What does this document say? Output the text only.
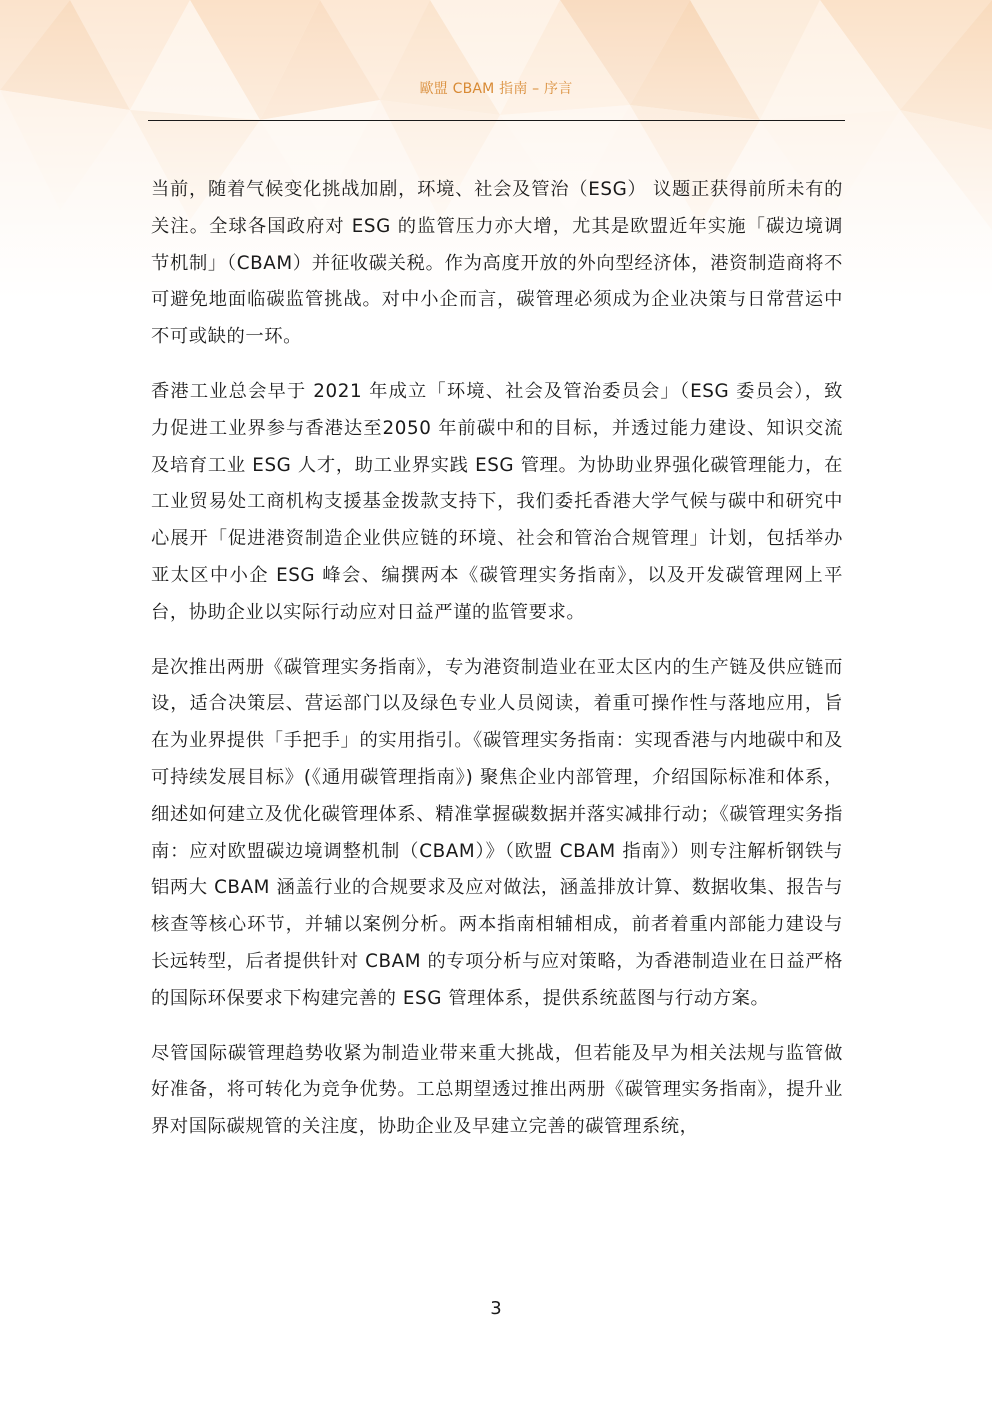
歐盟 CBAM 指南 – 序言

当前，随着气候变化挑战加剧，环境、社会及管治（ESG） 议题正获得前所未有的关注。全球各国政府对 ESG 的监管压力亦大增，尤其是欧盟近年实施「碳边境调节机制」（CBAM）并征收碳关税。作为高度开放的外向型经济体，港资制造商将不可避免地面临碳监管挑战。对中小企而言，碳管理必须成为企业决策与日常营运中不可或缺的一环。

香港工业总会早于 2021 年成立「环境、社会及管治委员会」（ESG 委员会），致力促进工业界参与香港达至2050 年前碳中和的目标，并透过能力建设、知识交流及培育工业 ESG 人才，助工业界实践 ESG 管理。为协助业界强化碳管理能力，在工业贸易处工商机构支援基金拨款支持下，我们委托香港大学气候与碳中和研究中心展开「促进港资制造企业供应链的环境、社会和管治合规管理」计划，包括举办亚太区中小企 ESG 峰会、编撰两本《碳管理实务指南》，以及开发碳管理网上平台，协助企业以实际行动应对日益严谨的监管要求。

是次推出两册《碳管理实务指南》，专为港资制造业在亚太区内的生产链及供应链而设，适合决策层、营运部门以及绿色专业人员阅读，着重可操作性与落地应用，旨在为业界提供「手把手」的实用指引。《碳管理实务指南：实现香港与内地碳中和及可持续发展目标》(《通用碳管理指南》) 聚焦企业内部管理，介绍国际标准和体系，细述如何建立及优化碳管理体系、精准掌握碳数据并落实减排行动；《碳管理实务指南：应对欧盟碳边境调整机制（CBAM）》（欧盟 CBAM 指南》）则专注解析钢铁与铝两大 CBAM 涵盖行业的合规要求及应对做法，涵盖排放计算、数据收集、报告与核查等核心环节，并辅以案例分析。两本指南相辅相成，前者着重内部能力建设与长远转型，后者提供针对 CBAM 的专项分析与应对策略，为香港制造业在日益严格的国际环保要求下构建完善的 ESG 管理体系，提供系统蓝图与行动方案。

尽管国际碳管理趋势收紧为制造业带来重大挑战，但若能及早为相关法规与监管做好准备，将可转化为竞争优势。工总期望透过推出两册《碳管理实务指南》，提升业界对国际碳规管的关注度，协助企业及早建立完善的碳管理系统，

3
